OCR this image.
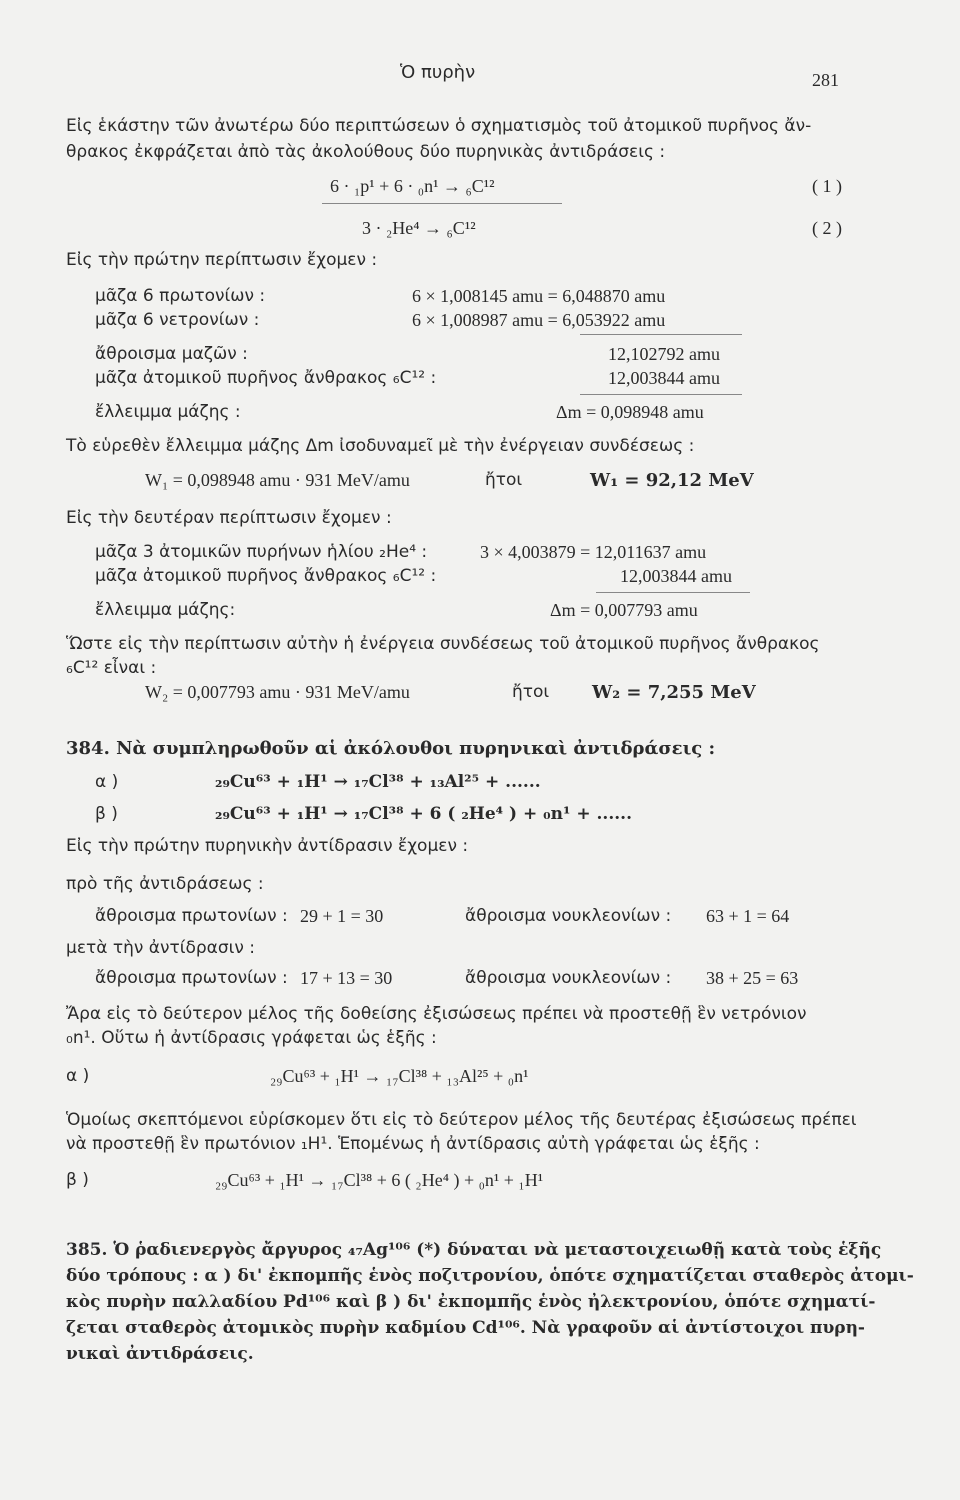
Ὁ πυρὴν	281
Εἰς ἑκάστην τῶν ἀνωτέρω δύο περιπτώσεων ὁ σχηματισμὸς τοῦ ἀτομικοῦ πυρῆνος ἄν-
θρακος ἐκφράζεται ἀπὸ τὰς ἀκολούθους δύο πυρηνικὰς ἀντιδράσεις :
6 · ₁p¹ + 6 · ₀n¹ → ₆C¹²	( 1 )
3 · ₂He⁴ → ₆C¹²	( 2 )
Εἰς τὴν πρώτην περίπτωσιν ἔχομεν :
μᾶζα 6 πρωτονίων :	6 × 1,008145 amu = 6,048870 amu
μᾶζα 6 νετρονίων :	6 × 1,008987 amu = 6,053922 amu
ἄθροισμα μαζῶν :	12,102792 amu
μᾶζα ἀτομικοῦ πυρῆνος ἄνθρακος ₆C¹² :	12,003844 amu
ἔλλειμμα μάζης :	Δm = 0,098948 amu
Τὸ εὑρεθὲν ἔλλειμμα μάζης Δm ἰσοδυναμεῖ μὲ τὴν ἐνέργειαν συνδέσεως :
W₁ = 0,098948 amu · 931 MeV/amu	ἤτοι	W₁ = 92,12 MeV
Εἰς τὴν δευτέραν περίπτωσιν ἔχομεν :
μᾶζα 3 ἀτομικῶν πυρήνων ἡλίου ₂He⁴ :	3 × 4,003879 = 12,011637 amu
μᾶζα ἀτομικοῦ πυρῆνος ἄνθρακος ₆C¹² :	12,003844 amu
ἔλλειμμα μάζης:	Δm = 0,007793 amu
Ὥστε εἰς τὴν περίπτωσιν αὐτὴν ἡ ἐνέργεια συνδέσεως τοῦ ἀτομικοῦ πυρῆνος ἄνθρακος
₆C¹² εἶναι :
W₂ = 0,007793 amu · 931 MeV/amu	ἤτοι W₂ = 7,255 MeV
384. Νὰ συμπληρωθοῦν αἱ ἀκόλουθοι πυρηνικαὶ ἀντιδράσεις :
α )	₂₉Cu⁶³ + ₁H¹ → ₁₇Cl³⁸ + ₁₃Al²⁵ + ......
β )	₂₉Cu⁶³ + ₁H¹ → ₁₇Cl³⁸ + 6 ( ₂He⁴ ) + ₀n¹ + ......
Εἰς τὴν πρώτην πυρηνικὴν ἀντίδρασιν ἔχομεν :
πρὸ τῆς ἀντιδράσεως :
ἄθροισμα πρωτονίων : 29 + 1 = 30	ἄθροισμα νουκλεονίων : 63 + 1 = 64
μετὰ τὴν ἀντίδρασιν :
ἄθροισμα πρωτονίων : 17 + 13 = 30	ἄθροισμα νουκλεονίων : 38 + 25 = 63
Ἄρα εἰς τὸ δεύτερον μέλος τῆς δοθείσης ἐξισώσεως πρέπει νὰ προστεθῇ ἓν νετρόνιον
₀n¹. Οὕτω ἡ ἀντίδρασις γράφεται ὡς ἑξῆς :
α )	₂₉Cu⁶³ + ₁H¹ → ₁₇Cl³⁸ + ₁₃Al²⁵ + ₀n¹
Ὁμοίως σκεπτόμενοι εὑρίσκομεν ὅτι εἰς τὸ δεύτερον μέλος τῆς δευτέρας ἐξισώσεως πρέπει
νὰ προστεθῇ ἓν πρωτόνιον ₁H¹. Ἑπομένως ἡ ἀντίδρασις αὐτὴ γράφεται ὡς ἑξῆς :
β )	₂₉Cu⁶³ + ₁H¹ → ₁₇Cl³⁸ + 6 ( ₂He⁴ ) + ₀n¹ + ₁H¹
385. Ὁ ῥαδιενεργὸς ἄργυρος ₄₇Ag¹⁰⁶ (*) δύναται νὰ μεταστοιχειωθῇ κατὰ τοὺς ἑξῆς
δύο τρόπους : α ) δι' ἐκπομπῆς ἑνὸς ποζιτρονίου, ὁπότε σχηματίζεται σταθερὸς ἀτομι-
κὸς πυρὴν παλλαδίου Pd¹⁰⁶ καὶ β ) δι' ἐκπομπῆς ἑνὸς ἠλεκτρονίου, ὁπότε σχηματί-
ζεται σταθερὸς ἀτομικὸς πυρὴν καδμίου Cd¹⁰⁶. Νὰ γραφοῦν αἱ ἀντίστοιχοι πυρη-
νικαὶ ἀντιδράσεις.
